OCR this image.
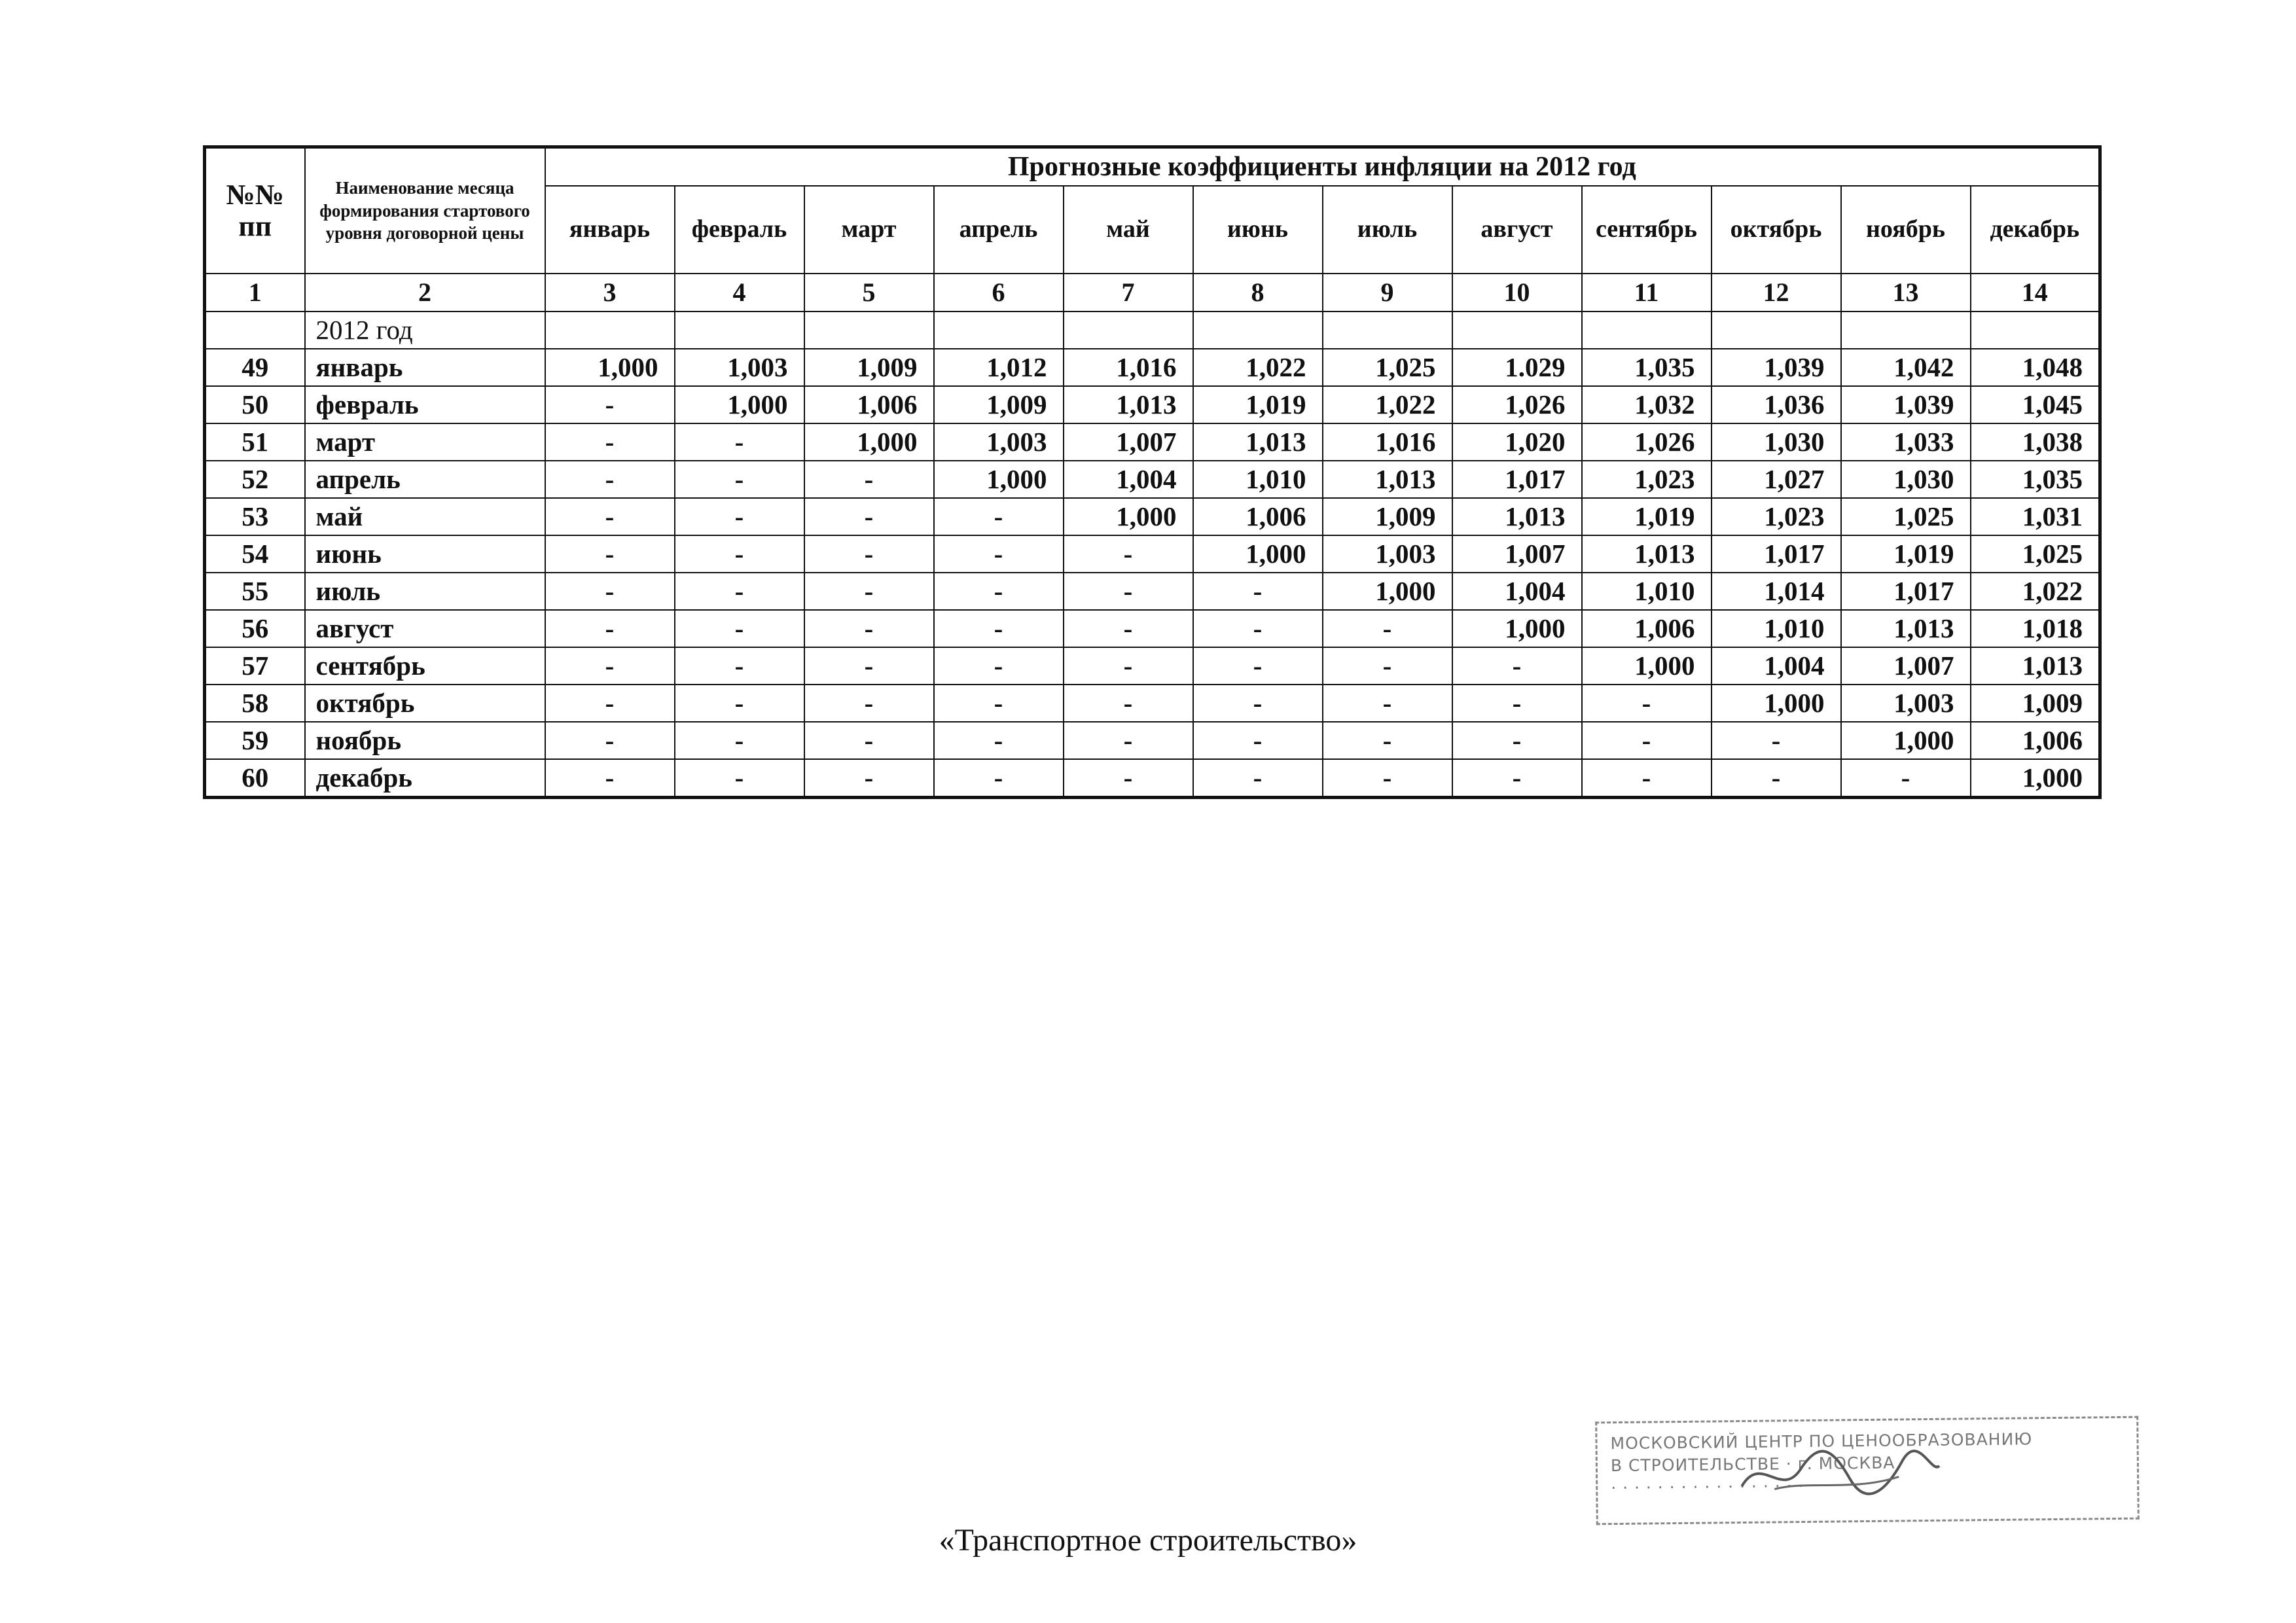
№№
пп	Наименование месяца формирования стартового уровня договорной цены	Прогнозные коэффициенты инфляции на 2012 год											
		январь	февраль	март	апрель	май	июнь	июль	август	сентябрь	октябрь	ноябрь	декабрь
1	2	3	4	5	6	7	8	9	10	11	12	13	14
	2012 год												
49	январь	1,000	1,003	1,009	1,012	1,016	1,022	1,025	1.029	1,035	1,039	1,042	1,048
50	февраль	-	1,000	1,006	1,009	1,013	1,019	1,022	1,026	1,032	1,036	1,039	1,045
51	март	-	-	1,000	1,003	1,007	1,013	1,016	1,020	1,026	1,030	1,033	1,038
52	апрель	-	-	-	1,000	1,004	1,010	1,013	1,017	1,023	1,027	1,030	1,035
53	май	-	-	-	-	1,000	1,006	1,009	1,013	1,019	1,023	1,025	1,031
54	июнь	-	-	-	-	-	1,000	1,003	1,007	1,013	1,017	1,019	1,025
55	июль	-	-	-	-	-	-	1,000	1,004	1,010	1,014	1,017	1,022
56	август	-	-	-	-	-	-	-	1,000	1,006	1,010	1,013	1,018
57	сентябрь	-	-	-	-	-	-	-	-	1,000	1,004	1,007	1,013
58	октябрь	-	-	-	-	-	-	-	-	-	1,000	1,003	1,009
59	ноябрь	-	-	-	-	-	-	-	-	-	-	1,000	1,006
60	декабрь	-	-	-	-	-	-	-	-	-	-	-	1,000
МОСКОВСКИЙ ЦЕНТР ПО ЦЕНООБРАЗОВАНИЮ
В СТРОИТЕЛЬСТВЕ · г. МОСКВА
· · · · · · · · · · · · · · · · ·
«Транспортное строительство»
